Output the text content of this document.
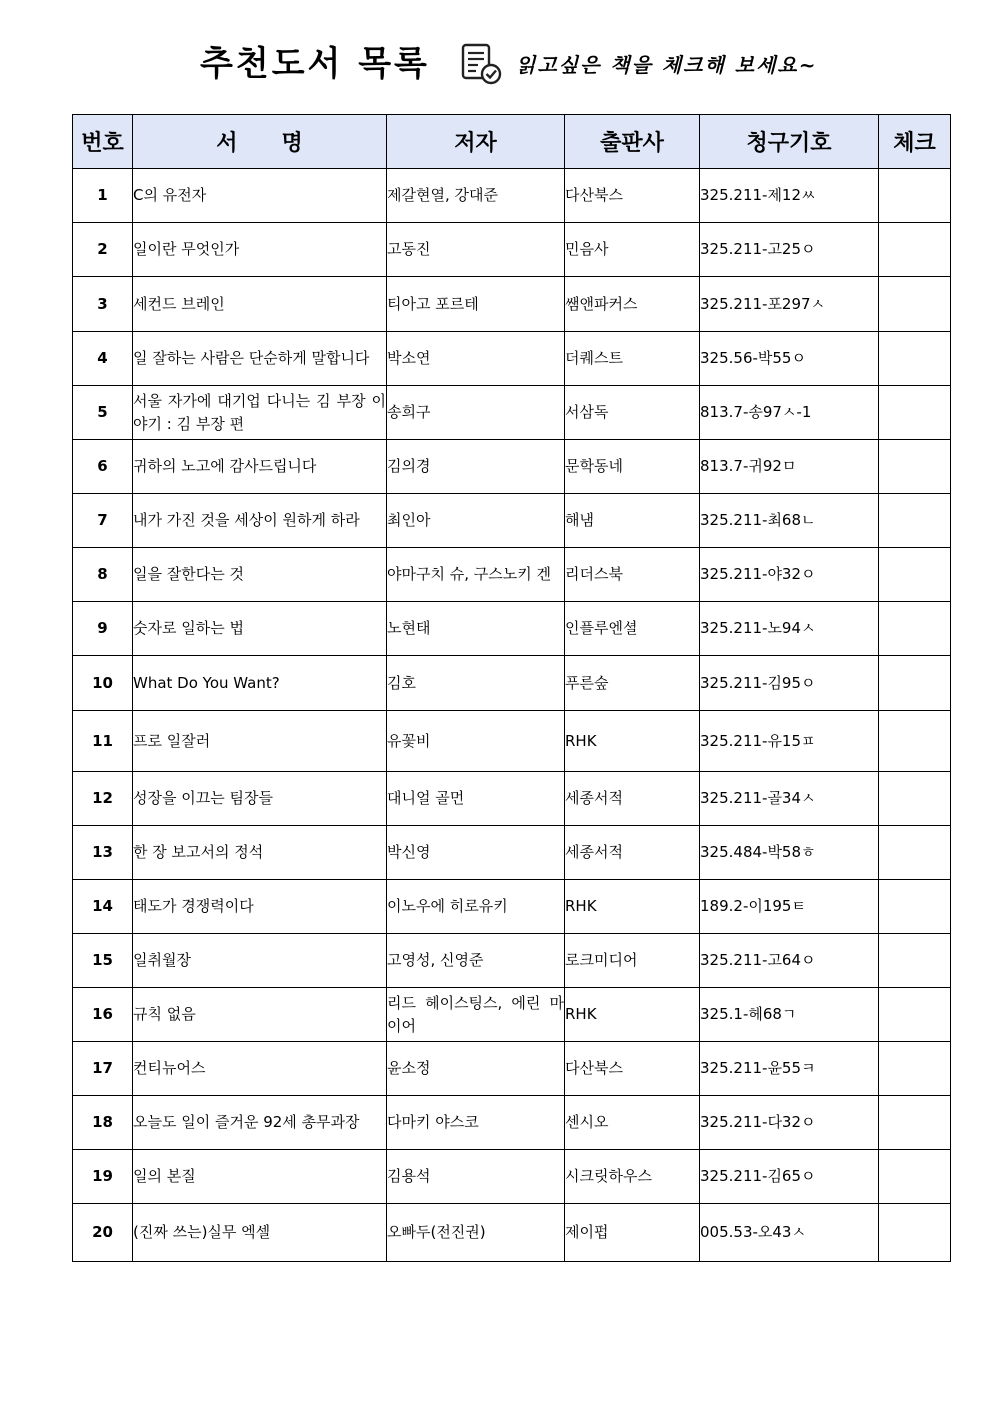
추천도서 목록	읽고싶은 책을 체크해 보세요~
번호	서　　명	저자	출판사	청구기호	체크
1	C의 유전자	제갈현열, 강대준	다산북스	325.211-제12ㅆ	
2	일이란 무엇인가	고동진	민음사	325.211-고25ㅇ	
3	세컨드 브레인	티아고 포르테	쌤앤파커스	325.211-포297ㅅ	
4	일 잘하는 사람은 단순하게 말합니다	박소연	더퀘스트	325.56-박55ㅇ	
5	서울 자가에 대기업 다니는 김 부장 이야기 : 김 부장 편	송희구	서삼독	813.7-송97ㅅ-1	
6	귀하의 노고에 감사드립니다	김의경	문학동네	813.7-귀92ㅁ	
7	내가 가진 것을 세상이 원하게 하라	최인아	해냄	325.211-최68ㄴ	
8	일을 잘한다는 것	야마구치 슈, 구스노키 겐	리더스북	325.211-야32ㅇ	
9	숫자로 일하는 법	노현태	인플루엔셜	325.211-노94ㅅ	
10	What Do You Want?	김호	푸른숲	325.211-김95ㅇ	
11	프로 일잘러	유꽃비	RHK	325.211-유15ㅍ	
12	성장을 이끄는 팀장들	대니얼 골먼	세종서적	325.211-골34ㅅ	
13	한 장 보고서의 정석	박신영	세종서적	325.484-박58ㅎ	
14	태도가 경쟁력이다	이노우에 히로유키	RHK	189.2-이195ㅌ	
15	일취월장	고영성, 신영준	로크미디어	325.211-고64ㅇ	
16	규칙 없음	리드 헤이스팅스, 에린 마이어	RHK	325.1-헤68ㄱ	
17	컨티뉴어스	윤소정	다산북스	325.211-윤55ㅋ	
18	오늘도 일이 즐거운 92세 총무과장	다마키 야스코	센시오	325.211-다32ㅇ	
19	일의 본질	김용석	시크릿하우스	325.211-김65ㅇ	
20	(진짜 쓰는)실무 엑셀	오빠두(전진권)	제이펍	005.53-오43ㅅ	
